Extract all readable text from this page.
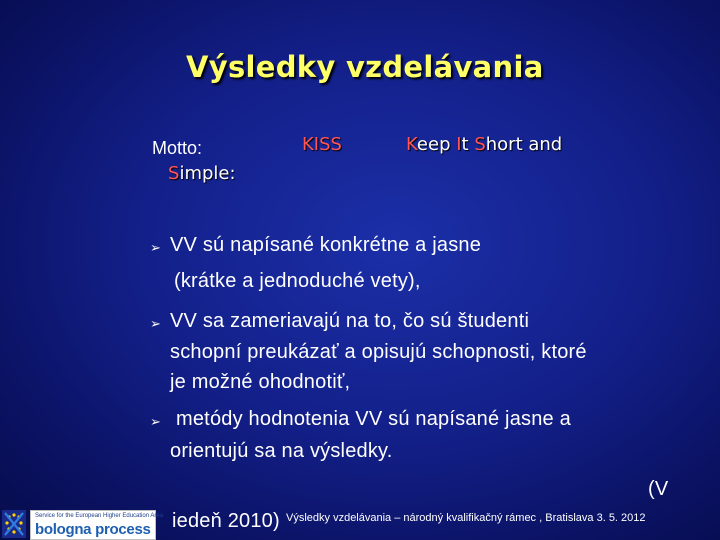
Výsledky vzdelávania
Motto:	KISS	Keep It Short and
Simple:
➢ VV sú napísané konkrétne a jasne
(krátke a jednoduché vety),
➢ VV sa zameriavajú na to, čo sú študenti
schopní preukázať a opisujú schopnosti, ktoré
je možné ohodnotiť,
➢ metódy hodnotenia VV sú napísané jasne a
orientujú sa na výsledky.
(V
iedeň 2010) Výsledky vzdelávania – národný kvalifikačný rámec , Bratislava 3. 5. 2012
Service for the European Higher Education Area
bologna process
